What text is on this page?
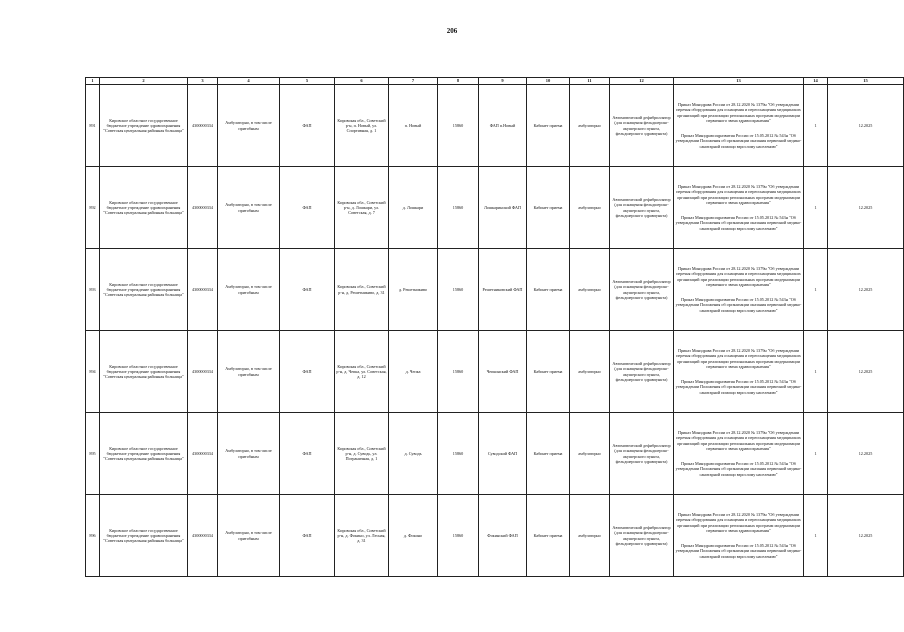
206
1	2	3	4	5	6	7	8	9	10	11	12	13	14	15
891	Кировское областное государственное бюджетное учреждение здравоохранения "Советская центральная районная больница"	4300000334	Амбулаторно, в том числе притобным	ФАП	Кировская обл., Советский р-н, п. Новый, ул. Спортивная, д. 1	п. Новый	15860	ФАП п.Новый	Кабинет приема	амбулаторно	Автоматический дефибриллятор (для оснащения фельдшерско-акушерского пункта, фельдшерского здравпункта)	Приказ Минздрава России от 28.12.2020 № 1379н "Об утверждении перечня оборудования для оснащения и переоснащения медицинских организаций при реализации региональных программ модернизации первичного звена здравоохранения"
Приказ Минздравсоцразвития России от 15.05.2012 № 543н "Об утверждении Положения об организации оказания первичной медико-санитарной помощи взрослому населению"	1	12.2025
892	Кировское областное государственное бюджетное учреждение здравоохранения "Советская центральная районная больница"	4300000334	Амбулаторно, в том числе притобным	ФАП	Кировская обл., Советский р-н, д. Лошкари, ул. Советская, д. 7	д. Лошкари	15860	Лошкаринский ФАП	Кабинет приема	амбулаторно	Автоматический дефибриллятор (для оснащения фельдшерско-акушерского пункта, фельдшерского здравпункта)	Приказ Минздрава России от 28.12.2020 № 1379н "Об утверждении перечня оборудования для оснащения и переоснащения медицинских организаций при реализации региональных программ модернизации первичного звена здравоохранения"
Приказ Минздравсоцразвития России от 15.05.2012 № 543н "Об утверждении Положения об организации оказания первичной медико-санитарной помощи взрослому населению"	1	12.2025
893	Кировское областное государственное бюджетное учреждение здравоохранения "Советская центральная районная больница"	4300000334	Амбулаторно, в том числе притобным	ФАП	Кировская обл., Советский р-н, д. Решетникиво, д. 31	д. Решетникиво	15860	Решетниковский ФАП	Кабинет приема	амбулаторно	Автоматический дефибриллятор (для оснащения фельдшерско-акушерского пункта, фельдшерского здравпункта)	Приказ Минздрава России от 28.12.2020 № 1379н "Об утверждении перечня оборудования для оснащения и переоснащения медицинских организаций при реализации региональных программ модернизации первичного звена здравоохранения"
Приказ Минздравсоцразвития России от 15.05.2012 № 543н "Об утверждении Положения об организации оказания первичной медико-санитарной помощи взрослому населению"	1	12.2025
894	Кировское областное государственное бюджетное учреждение здравоохранения "Советская центральная районная больница"	4300000334	Амбулаторно, в том числе притобным	ФАП	Кировская обл., Советский р-н, д. Чепка, ул. Советская, д. 12	д. Чепка	15860	Чепкинский ФАП	Кабинет приема	амбулаторно	Автоматический дефибриллятор (для оснащения фельдшерско-акушерского пункта, фельдшерского здравпункта)	Приказ Минздрава России от 28.12.2020 № 1379н "Об утверждении перечня оборудования для оснащения и переоснащения медицинских организаций при реализации региональных программ модернизации первичного звена здравоохранения"
Приказ Минздравсоцразвития России от 15.05.2012 № 543н "Об утверждении Положения об организации оказания первичной медико-санитарной помощи взрослому населению"	1	12.2025
895	Кировское областное государственное бюджетное учреждение здравоохранения "Советская центральная районная больница"	4300000334	Амбулаторно, в том числе притобным	ФАП	Кировская обл., Советский р-н, д. Суводь, ул. Пограничная, д. 1	д. Суводь	15860	Суводский ФАП	Кабинет приема	амбулаторно	Автоматический дефибриллятор (для оснащения фельдшерско-акушерского пункта, фельдшерского здравпункта)	Приказ Минздрава России от 28.12.2020 № 1379н "Об утверждении перечня оборудования для оснащения и переоснащения медицинских организаций при реализации региональных программ модернизации первичного звена здравоохранения"
Приказ Минздравсоцразвития России от 15.05.2012 № 543н "Об утверждении Положения об организации оказания первичной медико-санитарной помощи взрослому населению"	1	12.2025
896	Кировское областное государственное бюджетное учреждение здравоохранения "Советская центральная районная больница"	4300000334	Амбулаторно, в том числе притобным	ФАП	Кировская обл., Советский р-н, д. Фокино, ул. Лесная, д. 31	д. Фокино	15860	Фокинский ФАП	Кабинет приема	амбулаторно	Автоматический дефибриллятор (для оснащения фельдшерско-акушерского пункта, фельдшерского здравпункта)	Приказ Минздрава России от 28.12.2020 № 1379н "Об утверждении перечня оборудования для оснащения и переоснащения медицинских организаций при реализации региональных программ модернизации первичного звена здравоохранения"
Приказ Минздравсоцразвития России от 15.05.2012 № 543н "Об утверждении Положения об организации оказания первичной медико-санитарной помощи взрослому населению"	1	12.2025
